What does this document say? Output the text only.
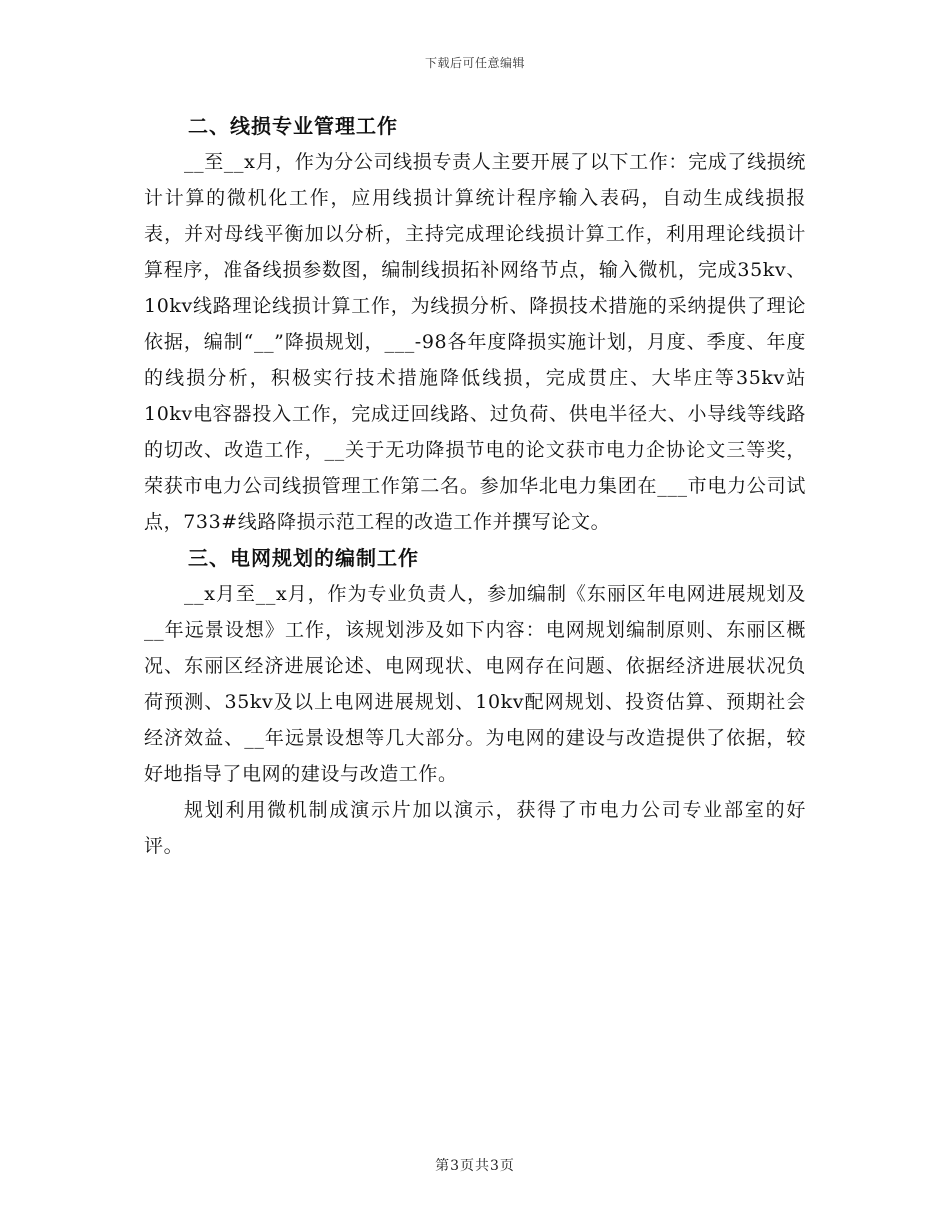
下载后可任意编辑
二、线损专业管理工作

__至__x月，作为分公司线损专责人主要开展了以下工作：完成了线损统计计算的微机化工作，应用线损计算统计程序输入表码，自动生成线损报表，并对母线平衡加以分析，主持完成理论线损计算工作，利用理论线损计算程序，准备线损参数图，编制线损拓补网络节点，输入微机，完成35kv、10kv线路理论线损计算工作，为线损分析、降损技术措施的采纳提供了理论依据，编制“__”降损规划，___-98各年度降损实施计划，月度、季度、年度的线损分析，积极实行技术措施降低线损，完成贯庄、大毕庄等35kv站10kv电容器投入工作，完成迂回线路、过负荷、供电半径大、小导线等线路的切改、改造工作，__关于无功降损节电的论文获市电力企协论文三等奖，荣获市电力公司线损管理工作第二名。参加华北电力集团在___市电力公司试点，733#线路降损示范工程的改造工作并撰写论文。

三、电网规划的编制工作

__x月至__x月，作为专业负责人，参加编制《东丽区年电网进展规划及__年远景设想》工作，该规划涉及如下内容：电网规划编制原则、东丽区概况、东丽区经济进展论述、电网现状、电网存在问题、依据经济进展状况负荷预测、35kv及以上电网进展规划、10kv配网规划、投资估算、预期社会经济效益、__年远景设想等几大部分。为电网的建设与改造提供了依据，较好地指导了电网的建设与改造工作。

规划利用微机制成演示片加以演示，获得了市电力公司专业部室的好评。

第3页共3页
